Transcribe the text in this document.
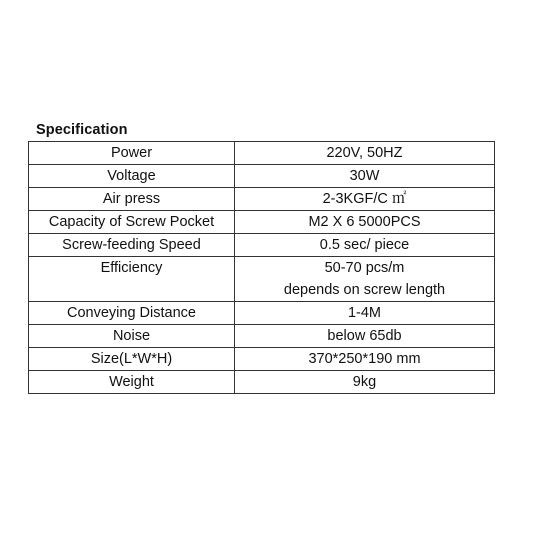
Specification
Power	220V, 50HZ

Voltage	30W

Air press	2-3KGF/C ㎡

Capacity of Screw Pocket	M2 X 6 5000PCS

Screw-feeding Speed	0.5 sec/ piece

Efficiency	50-70 pcs/m
depends on screw length

Conveying Distance	1-4M

Noise	below 65db

Size(L*W*H)	370*250*190 mm

Weight	9kg
